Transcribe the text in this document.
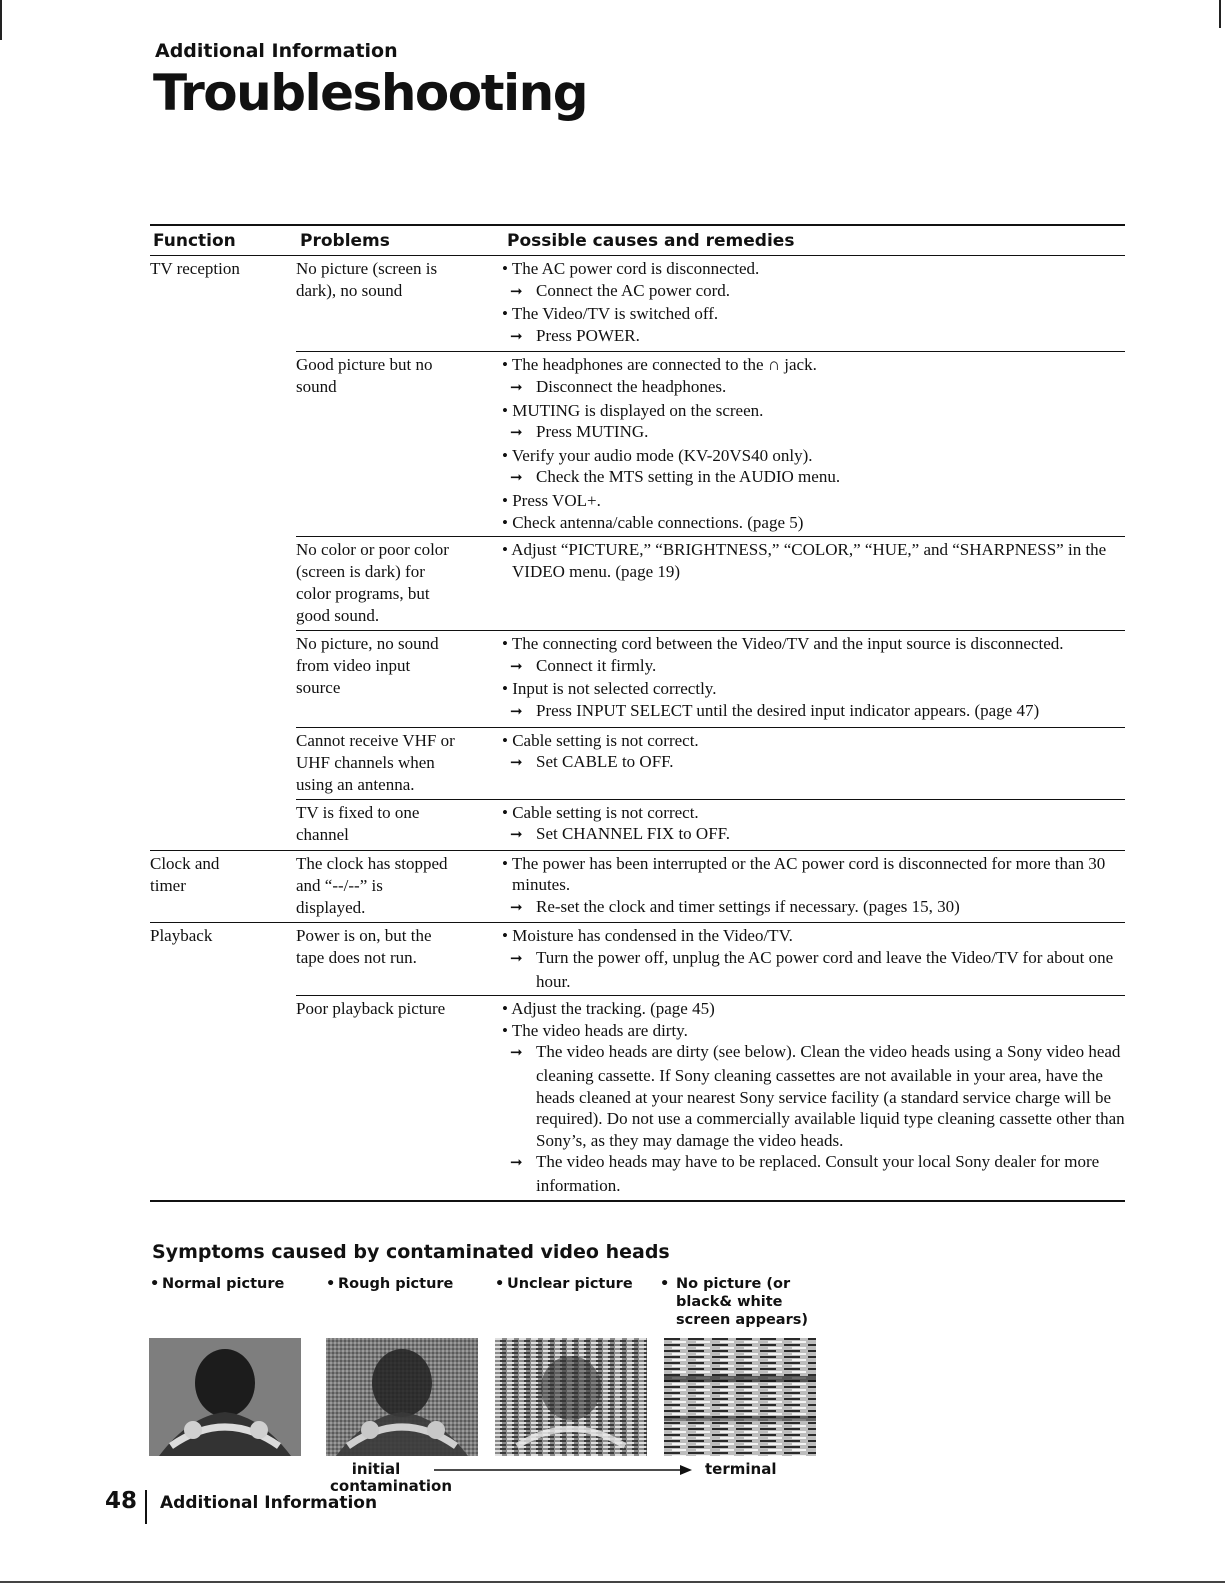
Additional Information
Troubleshooting
Function	Problems	Possible causes and remedies
TV reception	No picture (screen is
dark), no sound
• The AC power cord is disconnected.
➞ Connect the AC power cord.
• The Video/TV is switched off.
➞ Press POWER.
Good picture but no
sound
• The headphones are connected to the ∩ jack.
➞ Disconnect the headphones.
• MUTING is displayed on the screen.
➞ Press MUTING.
• Verify your audio mode (KV-20VS40 only).
➞ Check the MTS setting in the AUDIO menu.
• Press VOL+.
• Check antenna/cable connections. (page 5)
No color or poor color
(screen is dark) for
color programs, but
good sound.
• Adjust “PICTURE,” “BRIGHTNESS,” “COLOR,” “HUE,” and “SHARPNESS” in the VIDEO menu. (page 19)
No picture, no sound
from video input
source
• The connecting cord between the Video/TV and the input source is disconnected.
➞ Connect it firmly.
• Input is not selected correctly.
➞ Press INPUT SELECT until the desired input indicator appears. (page 47)
Cannot receive VHF or
UHF channels when
using an antenna.
• Cable setting is not correct.
➞ Set CABLE to OFF.
TV is fixed to one
channel
• Cable setting is not correct.
➞ Set CHANNEL FIX to OFF.
Clock and
timer
The clock has stopped
and “--/--” is
displayed.
• The power has been interrupted or the AC power cord is disconnected for more than 30 minutes.
➞ Re-set the clock and timer settings if necessary. (pages 15, 30)
Playback	Power is on, but the
tape does not run.
• Moisture has condensed in the Video/TV.
➞ Turn the power off, unplug the AC power cord and leave the Video/TV for about one hour.
Poor playback picture
•	Adjust the tracking. (page 45)
• The video heads are dirty.
➞ The video heads are dirty (see below). Clean the video heads using a Sony video head cleaning cassette. If Sony cleaning cassettes are not available in your area, have the heads cleaned at your nearest Sony service facility (a standard service charge will be required). Do not use a commercially available liquid type cleaning cassette other than Sony’s, as they may damage the video heads.
➞ The video heads may have to be replaced. Consult your local Sony dealer for more information.
Symptoms caused by contaminated video heads
• Normal picture	• Rough picture	• Unclear picture • No picture (or
black& white
screen appears)
initial
contamination
terminal
48 Additional Information
